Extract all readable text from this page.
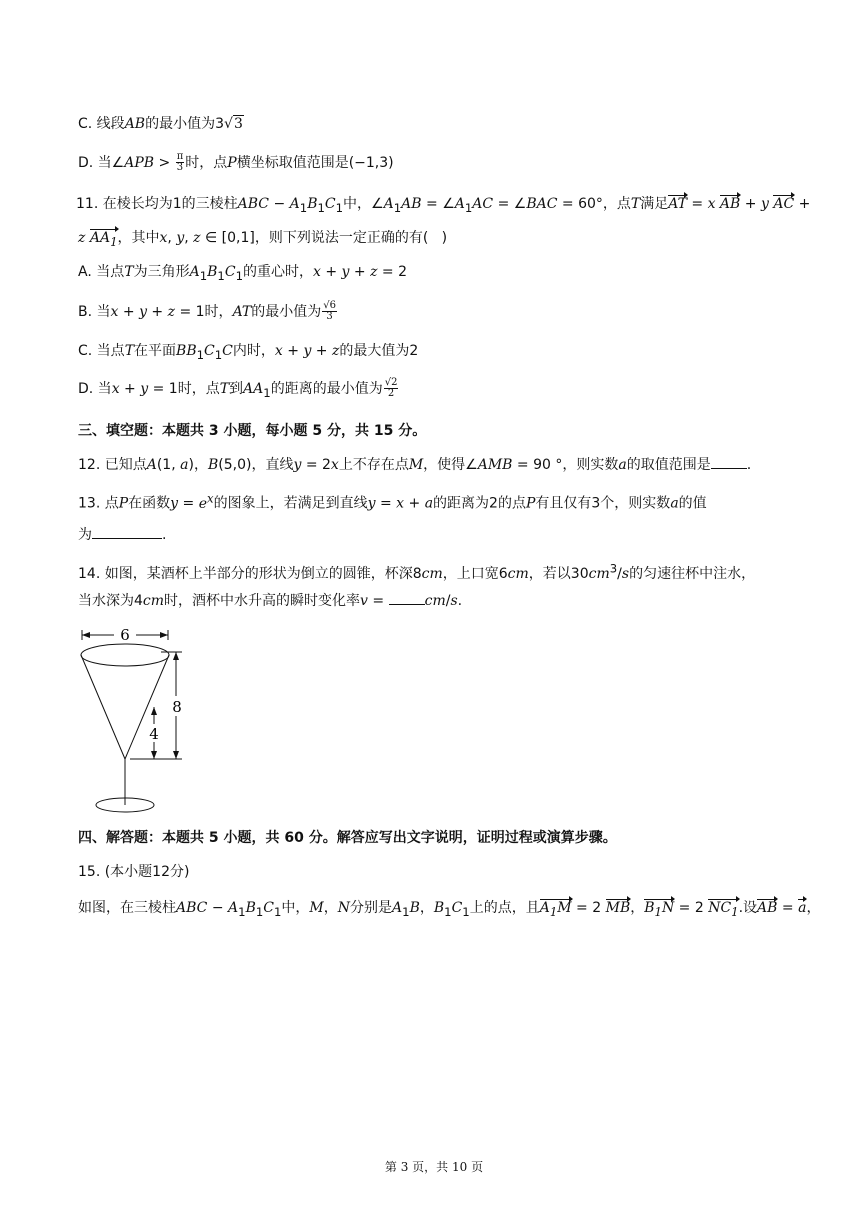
C. 线段AB的最小值为3√3
D. 当∠APB > $\frac{\pi}{3}$ 时，点P横坐标取值范围是(−1,3)
11. 在棱长均为1的三棱柱ABC − $A_1B_1C_1$中，$\angle A_1AB$ = $\angle A_1AC$ = ∠BAC = 60°，点T满足AT = x AB + y AC +
z $AA_1$，其中x, y, z ∈ [0,1]，则下列说法一定正确的有(   )
A. 当点T为三角形$A_1B_1C_1$的重心时，x + y + z = 2
B. 当x + y + z = 1时，AT的最小值为 $\frac{√6}{3}$
C. 当点T在平面$BB_1C_1C$内时，x + y + z的最大值为2
D. 当x + y = 1时，点T到$AA_1$的距离的最小值为 $\frac{√2}{2}$
三、填空题：本题共 3 小题，每小题 5 分，共 15 分。
12. 已知点A(1, a)，B(5,0)，直线y = 2x上不存在点M，使得∠AMB = 90 °，则实数a的取值范围是	.
13. 点P在函数$y = e^x$的图象上，若满足到直线y = x + a的距离为2的点P有且仅有3个，则实数a的值
为	.
14. 如图，某酒杯上半部分的形状为倒立的圆锥，杯深8cm，上口宽6cm，若以$30cm^3/s$的匀速往杯中注水，
当水深为4cm时，酒杯中水升高的瞬时变化率v =	cm/s.
6
8
4
四、解答题：本题共 5 小题，共 60 分。解答应写出文字说明，证明过程或演算步骤。
15. (本小题12分)
如图，在三棱柱ABC − $A_1B_1C_1$中，M，N分别是$A_1B$，$B_1C_1$上的点，且$A_1M = 2$ MB，$B_1N = 2$ $NC_1$.设AB = a，
第 3 页，共 10 页
